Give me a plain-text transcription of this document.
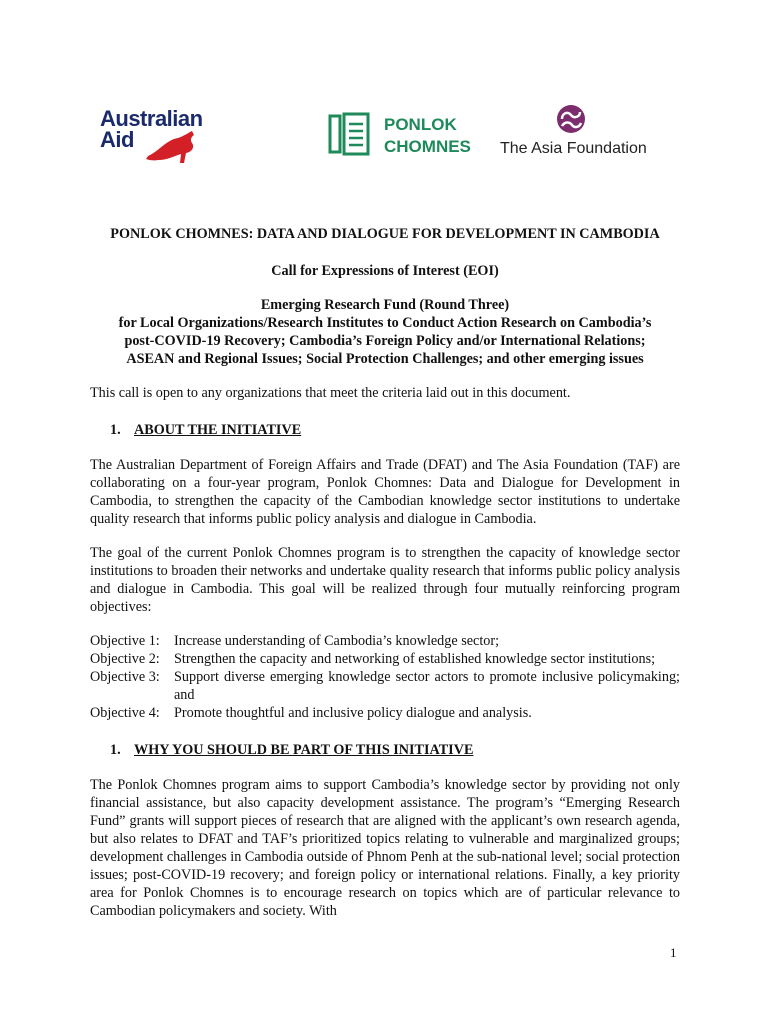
Australian
Aid
PONLOK
CHOMNES The Asia Foundation
PONLOK CHOMNES: DATA AND DIALOGUE FOR DEVELOPMENT IN CAMBODIA
Call for Expressions of Interest (EOI)
Emerging Research Fund (Round Three)
for Local Organizations/Research Institutes to Conduct Action Research on Cambodia’s
post-COVID-19 Recovery; Cambodia’s Foreign Policy and/or International Relations;
ASEAN and Regional Issues; Social Protection Challenges; and other emerging issues
This call is open to any organizations that meet the criteria laid out in this document.
1. ABOUT THE INITIATIVE
The Australian Department of Foreign Affairs and Trade (DFAT) and The Asia Foundation (TAF) are collaborating on a four-year program, Ponlok Chomnes: Data and Dialogue for Development in Cambodia, to strengthen the capacity of the Cambodian knowledge sector institutions to undertake quality research that informs public policy analysis and dialogue in Cambodia.
The goal of the current Ponlok Chomnes program is to strengthen the capacity of knowledge sector institutions to broaden their networks and undertake quality research that informs public policy analysis and dialogue in Cambodia. This goal will be realized through four mutually reinforcing program objectives:
Objective 1:	Increase understanding of Cambodia’s knowledge sector;
Objective 2:	Strengthen the capacity and networking of established knowledge sector institutions;
Objective 3:	Support diverse emerging knowledge sector actors to promote inclusive policymaking; and
Objective 4:	Promote thoughtful and inclusive policy dialogue and analysis.
1. WHY YOU SHOULD BE PART OF THIS INITIATIVE
The Ponlok Chomnes program aims to support Cambodia’s knowledge sector by providing not only financial assistance, but also capacity development assistance. The program’s “Emerging Research Fund” grants will support pieces of research that are aligned with the applicant’s own research agenda, but also relates to DFAT and TAF’s prioritized topics relating to vulnerable and marginalized groups; development challenges in Cambodia outside of Phnom Penh at the sub-national level; social protection issues; post-COVID-19 recovery; and foreign policy or international relations. Finally, a key priority area for Ponlok Chomnes is to encourage research on topics which are of particular relevance to Cambodian policymakers and society. With
1
